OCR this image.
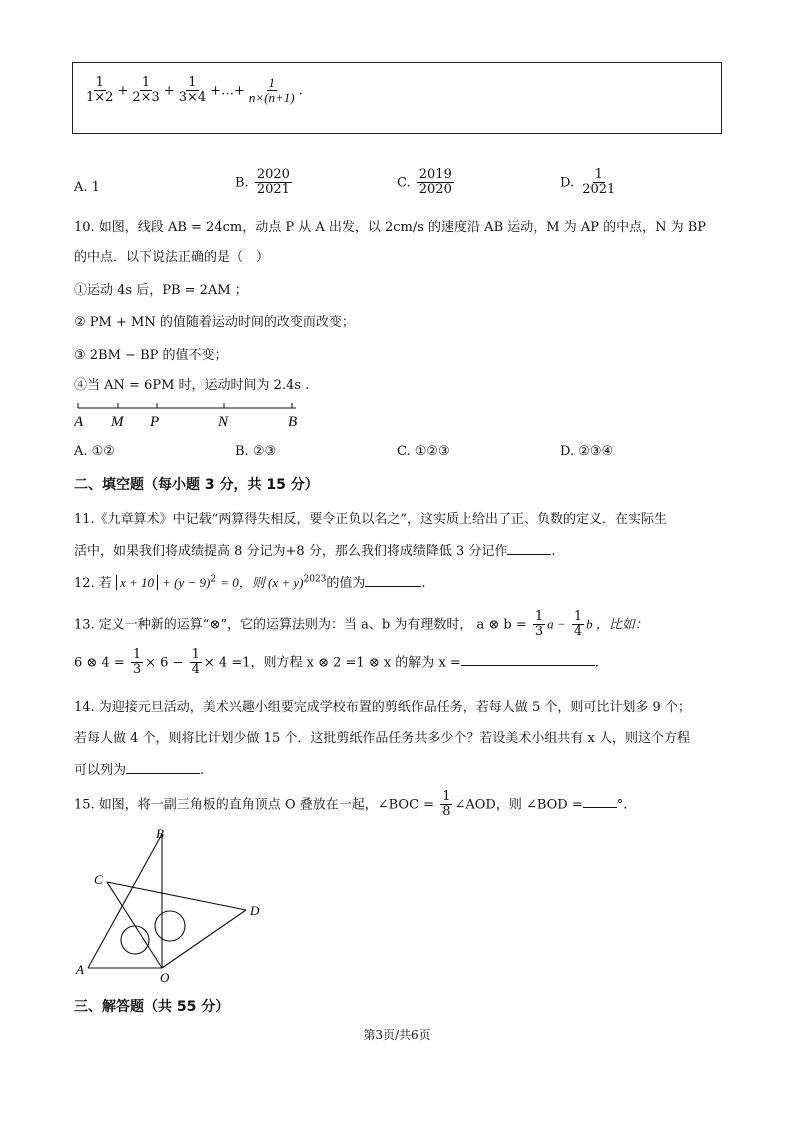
$\frac{1}{1\times 2} + \frac{1}{2\times 3} + \frac{1}{3\times 4}$ +…+ $\frac{1}{n\times(n+1)}$ .
A. 1	B. $\frac{2020}{2021}$	C. $\frac{2019}{2020}$	D. $\frac{1}{2021}$
10. 如图，线段 AB = 24cm，动点 P 从 A 出发，以 2cm/s 的速度沿 AB 运动，M 为 AP 的中点，N 为 BP
的中点．以下说法正确的是（　）
①运动 4s 后，PB = 2AM ；
② PM + MN 的值随着运动时间的改变而改变；
③ 2BM − BP 的值不变；
④当 AN = 6PM 时，运动时间为 2.4s .
A M P	N	B
A. ①②	B. ②③	C. ①②③	D. ②③④
二、填空题（每小题 3 分，共 15 分）
11.《九章算术》中记载“两算得失相反，要令正负以名之”，这实质上给出了正、负数的定义．在实际生
活中，如果我们将成绩提高 8 分记为+8 分，那么我们将成绩降低 3 分记作	.
12. 若 $x + 10 + (y - 9)^2 = 0$，则 $(x + y)^{2023}$的值为	.
13. 定义一种新的运算“⊗”，它的运算法则为：当 a、b 为有理数时， a ⊗ $b = \frac{1}{3}$ $a - \frac{1}{4}$ b ，比如：
6 ⊗ $4 = \frac{1}{3} \times 6 - \frac{1}{4} \times 4 =1$，则方程 x ⊗ 2 =1 ⊗ x 的解为 x =	.
14. 为迎接元旦活动，美术兴趣小组要完成学校布置的剪纸作品任务，若每人做 5 个，则可比计划多 9 个；
若每人做 4 个，则将比计划少做 15 个．这批剪纸作品任务共多少个？若设美术小组共有 x 人，则这个方程
可以列为	.
15. 如图，将一副三角板的直角顶点 O 叠放在一起，∠BOC = $\frac{1}{8}$ ∠AOD，则 ∠BOD =	°.
B
C
D
A
O
三、解答题（共 55 分）
第3页/共6页
